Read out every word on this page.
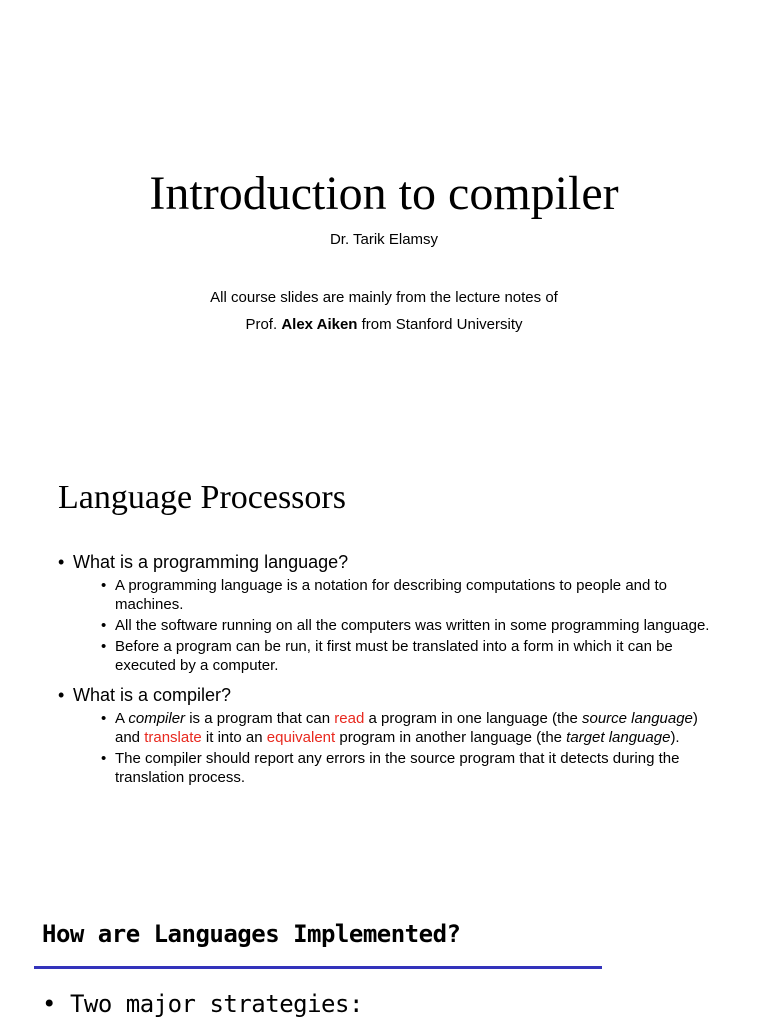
Introduction to compiler
Dr. Tarik Elamsy
All course slides are mainly from the lecture notes of
Prof. Alex Aiken from Stanford University
Language Processors
• What is a programming language?
• A programming language is a notation for describing computations to people and to machines.
• All the software running on all the computers was written in some programming language.
• Before a program can be run, it first must be translated into a form in which it can be executed by a computer.
• What is a compiler?
• A compiler is a program that can read a program in one language (the source language) and translate it into an equivalent program in another language (the target language).
• The compiler should report any errors in the source program that it detects during the translation process.
How are Languages Implemented?
• Two major strategies:
